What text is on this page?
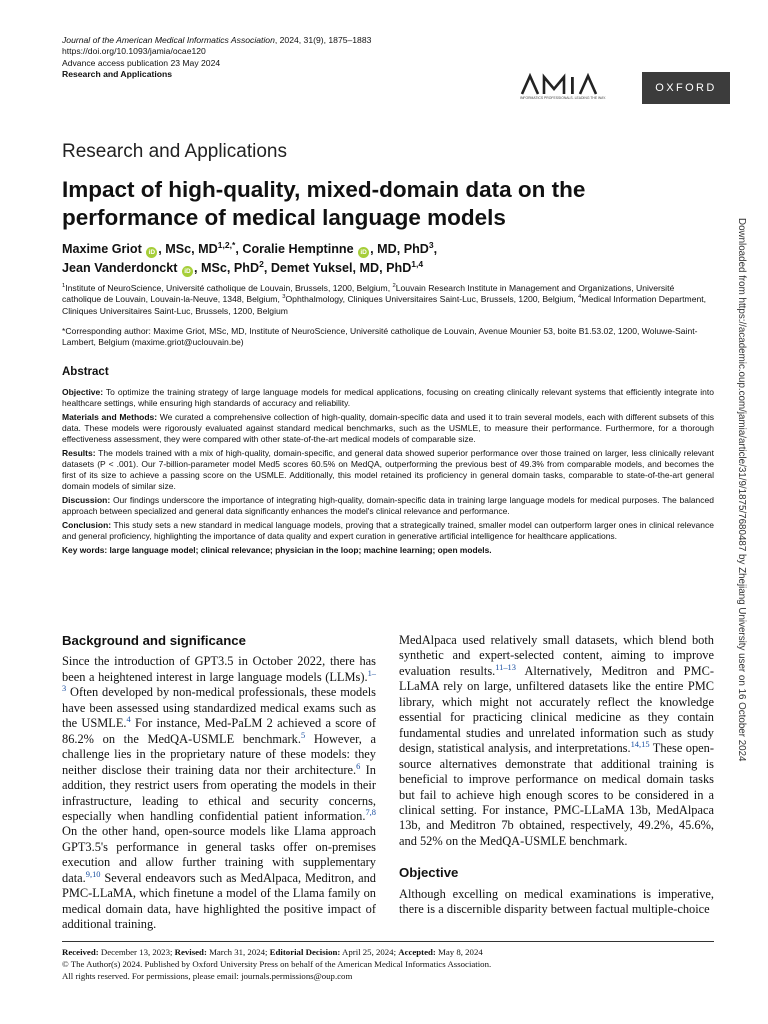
Journal of the American Medical Informatics Association, 2024, 31(9), 1875–1883
https://doi.org/10.1093/jamia/ocae120
Advance access publication 23 May 2024
Research and Applications
INFORMATICS PROFESSIONALS. LEADING THE WAY.
OXFORD
Research and Applications
Impact of high-quality, mixed-domain data on the performance of medical language models
Maxime Griot iD , MSc, $MD^{1,2,*}$, Coralie Hemptinne iD , MD, PhD$^3$,
Jean Vanderdonckt iD , MSc, PhD$^2$, Demet Yuksel, MD, PhD$^{1,4}$
$^1$Institute of NeuroScience, Université catholique de Louvain, Brussels, 1200, Belgium, $^2$Louvain Research Institute in Management and Organizations, Université catholique de Louvain, Louvain-la-Neuve, 1348, Belgium, $^3$Ophthalmology, Cliniques Universitaires Saint-Luc, Brussels, 1200, Belgium, $^4$Medical Information Department, Cliniques Universitaires Saint-Luc, Brussels, 1200, Belgium
*Corresponding author: Maxime Griot, MSc, MD, Institute of NeuroScience, Université catholique de Louvain, Avenue Mounier 53, boite B1.53.02, 1200, Woluwe-Saint-Lambert, Belgium (maxime.griot@uclouvain.be)
Abstract

Objective: To optimize the training strategy of large language models for medical applications, focusing on creating clinically relevant systems that efficiently integrate into healthcare settings, while ensuring high standards of accuracy and reliability.

Materials and Methods: We curated a comprehensive collection of high-quality, domain-specific data and used it to train several models, each with different subsets of this data. These models were rigorously evaluated against standard medical benchmarks, such as the USMLE, to measure their performance. Furthermore, for a thorough effectiveness assessment, they were compared with other state-of-the-art medical models of comparable size.

Results: The models trained with a mix of high-quality, domain-specific, and general data showed superior performance over those trained on larger, less clinically relevant datasets (P < .001). Our 7-billion-parameter model Med5 scores 60.5% on MedQA, outperforming the previous best of 49.3% from comparable models, and becomes the first of its size to achieve a passing score on the USMLE. Additionally, this model retained its proficiency in general domain tasks, comparable to state-of-the-art general domain models of similar size.

Discussion: Our findings underscore the importance of integrating high-quality, domain-specific data in training large language models for medical purposes. The balanced approach between specialized and general data significantly enhances the model's clinical relevance and performance.

Conclusion: This study sets a new standard in medical language models, proving that a strategically trained, smaller model can outperform larger ones in clinical relevance and general proficiency, highlighting the importance of data quality and expert curation in generative artificial intelligence for healthcare applications.

Key words: large language model; clinical relevance; physician in the loop; machine learning; open models.

Background and significance

Since the introduction of GPT3.5 in October 2022, there has been a heightened interest in large language models (LLMs).$^{1-3}$ Often developed by non-medical professionals, these models have been assessed using standardized medical exams such as the USMLE.$^4$ For instance, Med-PaLM 2 achieved a score of 86.2% on the MedQA-USMLE benchmark.$^5$ However, a challenge lies in the proprietary nature of these models: they neither disclose their training data nor their architecture.$^6$ In addition, they restrict users from operating the models in their infrastructure, leading to ethical and security concerns, especially when handling confidential patient information.$^{7,8}$ On the other hand, open-source models like Llama approach GPT3.5's performance in general tasks offer on-premises execution and allow further training with supplementary data.$^{9,10}$ Several endeavors such as MedAlpaca, Meditron, and PMC-LLaMA, which finetune a model of the Llama family on medical domain data, have highlighted the positive impact of additional training.

MedAlpaca used relatively small datasets, which blend both synthetic and expert-selected content, aiming to improve evaluation results.$^{11-13}$ Alternatively, Meditron and PMC-LLaMA rely on large, unfiltered datasets like the entire PMC library, which might not accurately reflect the knowledge essential for practicing clinical medicine as they contain fundamental studies and unrelated information such as study design, statistical analysis, and interpretations.$^{14,15}$ These open-source alternatives demonstrate that additional training is beneficial to improve performance on medical domain tasks but fail to achieve high enough scores to be considered in a clinical setting. For instance, PMC-LLaMA 13b, MedAlpaca 13b, and Meditron 7b obtained, respectively, 49.2%, 45.6%, and 52% on the MedQA-USMLE benchmark.

Objective

Although excelling on medical examinations is imperative, there is a discernible disparity between factual multiple-choice

Received: December 13, 2023; Revised: March 31, 2024; Editorial Decision: April 25, 2024; Accepted: May 8, 2024
© The Author(s) 2024. Published by Oxford University Press on behalf of the American Medical Informatics Association.
All rights reserved. For permissions, please email: journals.permissions@oup.com
Downloaded from https://academic.oup.com/jamia/article/31/9/1875/7680487 by Zhejiang University user on 16 October 2024
